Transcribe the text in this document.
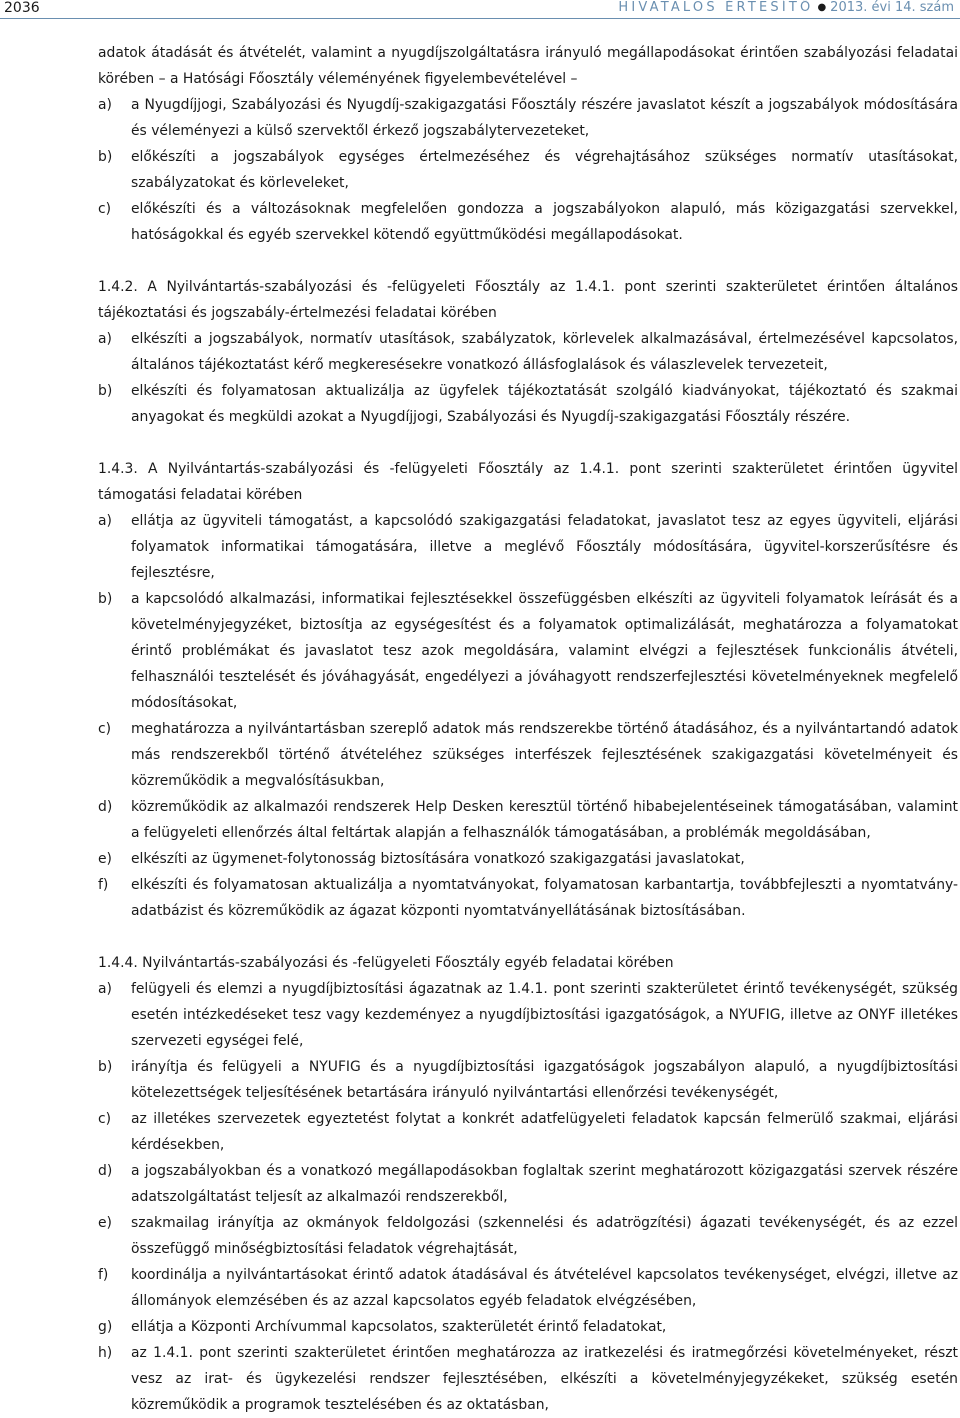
2036	HIVATALOS ÉRTESÍTŐ ● 2013. évi 14. szám

adatok átadását és átvételét, valamint a nyugdíjszolgáltatásra irányuló megállapodásokat érintően szabályozási feladatai körében – a Hatósági Főosztály véleményének figyelembevételével –

a) a Nyugdíjjogi, Szabályozási és Nyugdíj-szakigazgatási Főosztály részére javaslatot készít a jogszabályok módosítására és véleményezi a külső szervektől érkező jogszabálytervezeteket,

b) előkészíti a jogszabályok egységes értelmezéséhez és végrehajtásához szükséges normatív utasításokat, szabályzatokat és körleveleket,

c) előkészíti és a változásoknak megfelelően gondozza a jogszabályokon alapuló, más közigazgatási szervekkel, hatóságokkal és egyéb szervekkel kötendő együttműködési megállapodásokat.

1.4.2. A Nyilvántartás-szabályozási és -felügyeleti Főosztály az 1.4.1. pont szerinti szakterületet érintően általános tájékoztatási és jogszabály-értelmezési feladatai körében

a) elkészíti a jogszabályok, normatív utasítások, szabályzatok, körlevelek alkalmazásával, értelmezésével kapcsolatos, általános tájékoztatást kérő megkeresésekre vonatkozó állásfoglalások és válaszlevelek tervezeteit,

b) elkészíti és folyamatosan aktualizálja az ügyfelek tájékoztatását szolgáló kiadványokat, tájékoztató és szakmai anyagokat és megküldi azokat a Nyugdíjjogi, Szabályozási és Nyugdíj-szakigazgatási Főosztály részére.

1.4.3. A Nyilvántartás-szabályozási és -felügyeleti Főosztály az 1.4.1. pont szerinti szakterületet érintően ügyvitel támogatási feladatai körében

a) ellátja az ügyviteli támogatást, a kapcsolódó szakigazgatási feladatokat, javaslatot tesz az egyes ügyviteli, eljárási folyamatok informatikai támogatására, illetve a meglévő Főosztály módosítására, ügyvitel-korszerűsítésre és fejlesztésre,

b) a kapcsolódó alkalmazási, informatikai fejlesztésekkel összefüggésben elkészíti az ügyviteli folyamatok leírását és a követelményjegyzéket, biztosítja az egységesítést és a folyamatok optimalizálását, meghatározza a folyamatokat érintő problémákat és javaslatot tesz azok megoldására, valamint elvégzi a fejlesztések funkcionális átvételi, felhasználói tesztelését és jóváhagyását, engedélyezi a jóváhagyott rendszerfejlesztési követelményeknek megfelelő módosításokat,

c) meghatározza a nyilvántartásban szereplő adatok más rendszerekbe történő átadásához, és a nyilvántartandó adatok más rendszerekből történő átvételéhez szükséges interfészek fejlesztésének szakigazgatási követelményeit és közreműködik a megvalósításukban,

d) közreműködik az alkalmazói rendszerek Help Desken keresztül történő hibabejelentéseinek támogatásában, valamint a felügyeleti ellenőrzés által feltártak alapján a felhasználók támogatásában, a problémák megoldásában,

e) elkészíti az ügymenet-folytonosság biztosítására vonatkozó szakigazgatási javaslatokat,

f) elkészíti és folyamatosan aktualizálja a nyomtatványokat, folyamatosan karbantartja, továbbfejleszti a nyomtatvány-adatbázist és közreműködik az ágazat központi nyomtatványellátásának biztosításában.

1.4.4. Nyilvántartás-szabályozási és -felügyeleti Főosztály egyéb feladatai körében

a) felügyeli és elemzi a nyugdíjbiztosítási ágazatnak az 1.4.1. pont szerinti szakterületet érintő tevékenységét, szükség esetén intézkedéseket tesz vagy kezdeményez a nyugdíjbiztosítási igazgatóságok, a NYUFIG, illetve az ONYF illetékes szervezeti egységei felé,

b) irányítja és felügyeli a NYUFIG és a nyugdíjbiztosítási igazgatóságok jogszabályon alapuló, a nyugdíjbiztosítási kötelezettségek teljesítésének betartására irányuló nyilvántartási ellenőrzési tevékenységét,

c) az illetékes szervezetek egyeztetést folytat a konkrét adatfelügyeleti feladatok kapcsán felmerülő szakmai, eljárási kérdésekben,

d) a jogszabályokban és a vonatkozó megállapodásokban foglaltak szerint meghatározott közigazgatási szervek részére adatszolgáltatást teljesít az alkalmazói rendszerekből,

e) szakmailag irányítja az okmányok feldolgozási (szkennelési és adatrögzítési) ágazati tevékenységét, és az ezzel összefüggő minőségbiztosítási feladatok végrehajtását,

f) koordinálja a nyilvántartásokat érintő adatok átadásával és átvételével kapcsolatos tevékenységet, elvégzi, illetve az állományok elemzésében és az azzal kapcsolatos egyéb feladatok elvégzésében,

g) ellátja a Központi Archívummal kapcsolatos, szakterületét érintő feladatokat,

h) az 1.4.1. pont szerinti szakterületet érintően meghatározza az iratkezelési és iratmegőrzési követelményeket, részt vesz az irat- és ügykezelési rendszer fejlesztésében, elkészíti a követelményjegyzékeket, szükség esetén közreműködik a programok tesztelésében és az oktatásban,
